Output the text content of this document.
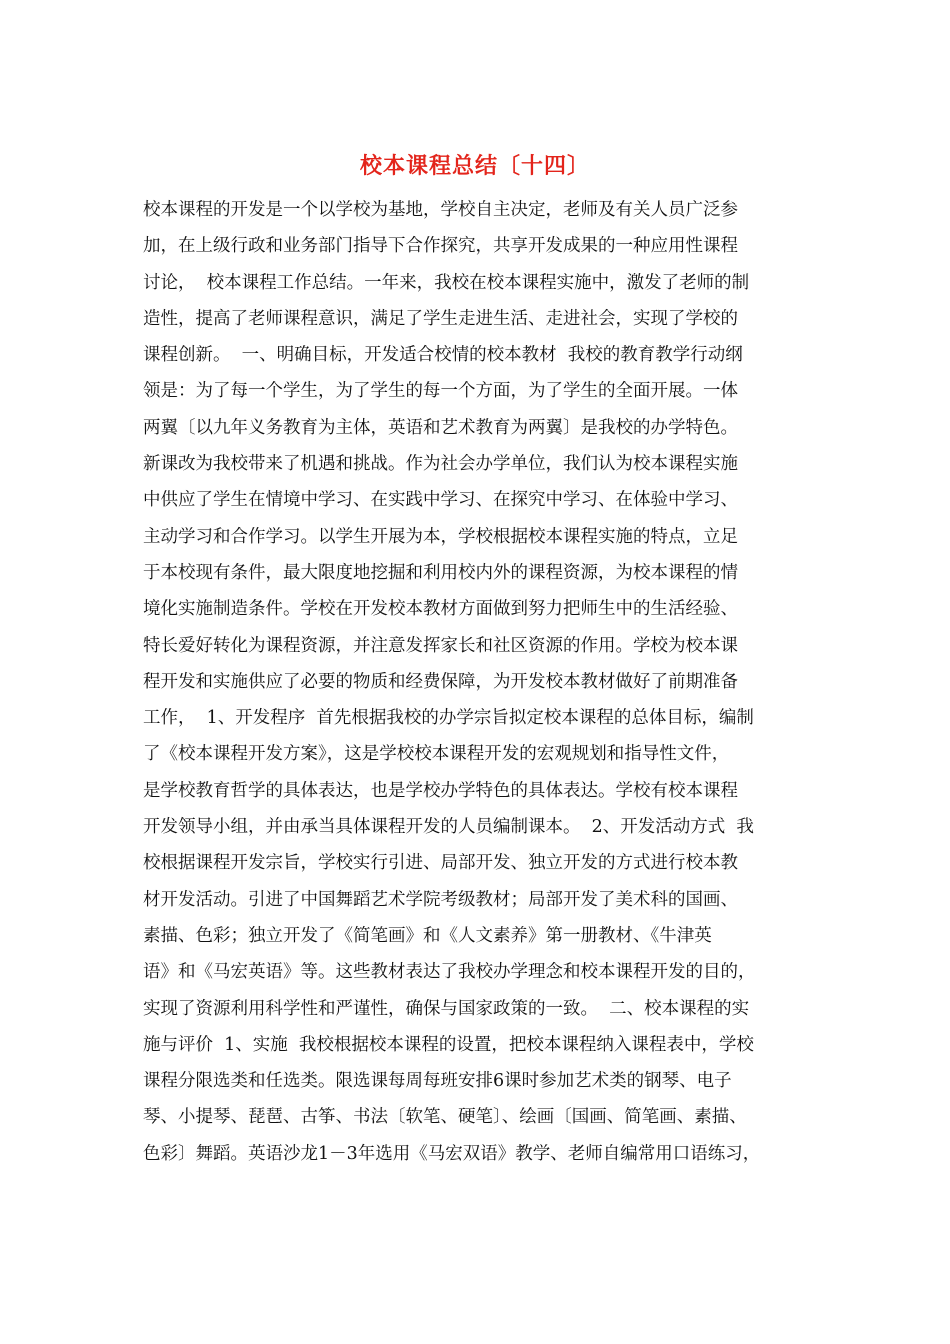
校本课程总结〔十四〕
校本课程的开发是一个以学校为基地，学校自主决定，老师及有关人员广泛参
加，在上级行政和业务部门指导下合作探究，共享开发成果的一种应用性课程
讨论，  校本课程工作总结。一年来，我校在校本课程实施中，激发了老师的制
造性，提高了老师课程意识，满足了学生走进生活、走进社会，实现了学校的
课程创新。  一、明确目标，开发适合校情的校本教材  我校的教育教学行动纲
领是：为了每一个学生，为了学生的每一个方面，为了学生的全面开展。一体
两翼〔以九年义务教育为主体，英语和艺术教育为两翼〕是我校的办学特色。
新课改为我校带来了机遇和挑战。作为社会办学单位，我们认为校本课程实施
中供应了学生在情境中学习、在实践中学习、在探究中学习、在体验中学习、
主动学习和合作学习。以学生开展为本，学校根据校本课程实施的特点，立足
于本校现有条件，最大限度地挖掘和利用校内外的课程资源，为校本课程的情
境化实施制造条件。学校在开发校本教材方面做到努力把师生中的生活经验、
特长爱好转化为课程资源，并注意发挥家长和社区资源的作用。学校为校本课
程开发和实施供应了必要的物质和经费保障，为开发校本教材做好了前期准备
工作，  1、开发程序  首先根据我校的办学宗旨拟定校本课程的总体目标，编制
了《校本课程开发方案》，这是学校校本课程开发的宏观规划和指导性文件，
是学校教育哲学的具体表达，也是学校办学特色的具体表达。学校有校本课程
开发领导小组，并由承当具体课程开发的人员编制课本。  2、开发活动方式  我
校根据课程开发宗旨，学校实行引进、局部开发、独立开发的方式进行校本教
材开发活动。引进了中国舞蹈艺术学院考级教材；局部开发了美术科的国画、
素描、色彩；独立开发了《简笔画》和《人文素养》第一册教材、《牛津英
语》和《马宏英语》等。这些教材表达了我校办学理念和校本课程开发的目的，
实现了资源利用科学性和严谨性，确保与国家政策的一致。  二、校本课程的实
施与评价  1、实施  我校根据校本课程的设置，把校本课程纳入课程表中，学校
课程分限选类和任选类。限选课每周每班安排6课时参加艺术类的钢琴、电子
琴、小提琴、琵琶、古筝、书法〔软笔、硬笔〕、绘画〔国画、简笔画、素描、
色彩〕舞蹈。英语沙龙1－3年选用《马宏双语》教学、老师自编常用口语练习，
